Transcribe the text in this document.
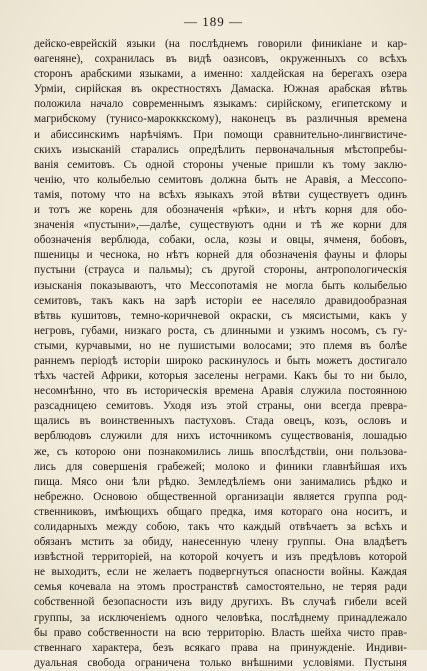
— 189 —
дейско-еврейскій языки (на послѣднемъ говорили финикіане и кар-
ѳагеняне), сохранилась въ видѣ оазисовъ, окруженныхъ со всѣхъ
сторонъ арабскими языками, а именно: халдейская на берегахъ озера
Урміи, сирійская въ окрестностяхъ Дамаска. Южная арабская вѣтвь
положила начало современнымъ языкамъ: сирійскому, египетскому и
магрибскому (тунисо-марокккскому), наконецъ въ различныя времена
и абиссинскимъ нарѣчіямъ. При помощи сравнительно-лингвистиче-
скихъ изысканій старались опредѣлить первоначальныя мѣстопребы-
ванія семитовъ. Съ одной стороны ученые пришли къ тому заклю-
ченію, что колыбелью семитовъ должна быть не Аравія, а Мессопо-
тамія, потому что на всѣхъ языкахъ этой вѣтви существуетъ одинъ
и тотъ же корень для обозначенія «рѣки», и нѣтъ корня для обо-
значенія «пустыни»,—далѣе, существуютъ одни и тѣ же корни для
обозначенія верблюда, собаки, осла, козы и овцы, ячменя, бобовъ,
пшеницы и чеснока, но нѣтъ корней для обозначенія фауны и флоры
пустыни (страуса и пальмы); съ другой стороны, антропологическія
изысканія показываютъ, что Мессопотамія не могла быть колыбелью
семитовъ, такъ какъ на зарѣ исторіи ее населяло дравидообразная
вѣтвь кушитовъ, темно-коричневой окраски, съ мясистыми, какъ у
негровъ, губами, низкаго роста, съ длинными и узкимъ носомъ, съ гу-
стыми, курчавыми, но не пушистыми волосами; это племя въ болѣе
раннемъ періодѣ исторіи широко раскинулось и быть можетъ достигало
тѣхъ частей Африки, которыя заселены неграми. Какъ бы то ни было,
несомнѣнно, что въ историческія времена Аравія служила постоянною
разсадницею семитовъ. Уходя изъ этой страны, они всегда превра-
щались въ воинственныхъ пастуховъ. Стада овецъ, козъ, ословъ и
верблюдовъ служили для нихъ источникомъ существованія, лошадью
же, съ которою они познакомились лишь впослѣдствіи, они пользова-
лись для совершенія грабежей; молоко и финики главнѣйшая ихъ
пища. Мясо они ѣли рѣдко. Земледѣліемъ они занимались рѣдко и
небрежно. Основою общественной организаціи является группа род-
ственниковъ, имѣющихъ общаго предка, имя котораго она носитъ, и
солидарныхъ между собою, такъ что каждый отвѣчаетъ за всѣхъ и
обязанъ мстить за обиду, нанесенную члену группы. Она владѣетъ
извѣстной территоріей, на которой кочуетъ и изъ предѣловъ которой
не выходитъ, если не желаетъ подвергнуться опасности войны. Каждая
семья кочевала на этомъ пространствѣ самостоятельно, не теряя ради
собственной безопасности изъ виду другихъ. Въ случаѣ гибели всей
группы, за исключеніемъ одного человѣка, послѣднему принадлежало
бы право собственности на всю территорію. Власть шейха чисто прав-
ственнаго характера, безъ всякаго права на принужденіе. Индиви-
дуальная свобода ограничена только внѣшними условіями. Пустыня
